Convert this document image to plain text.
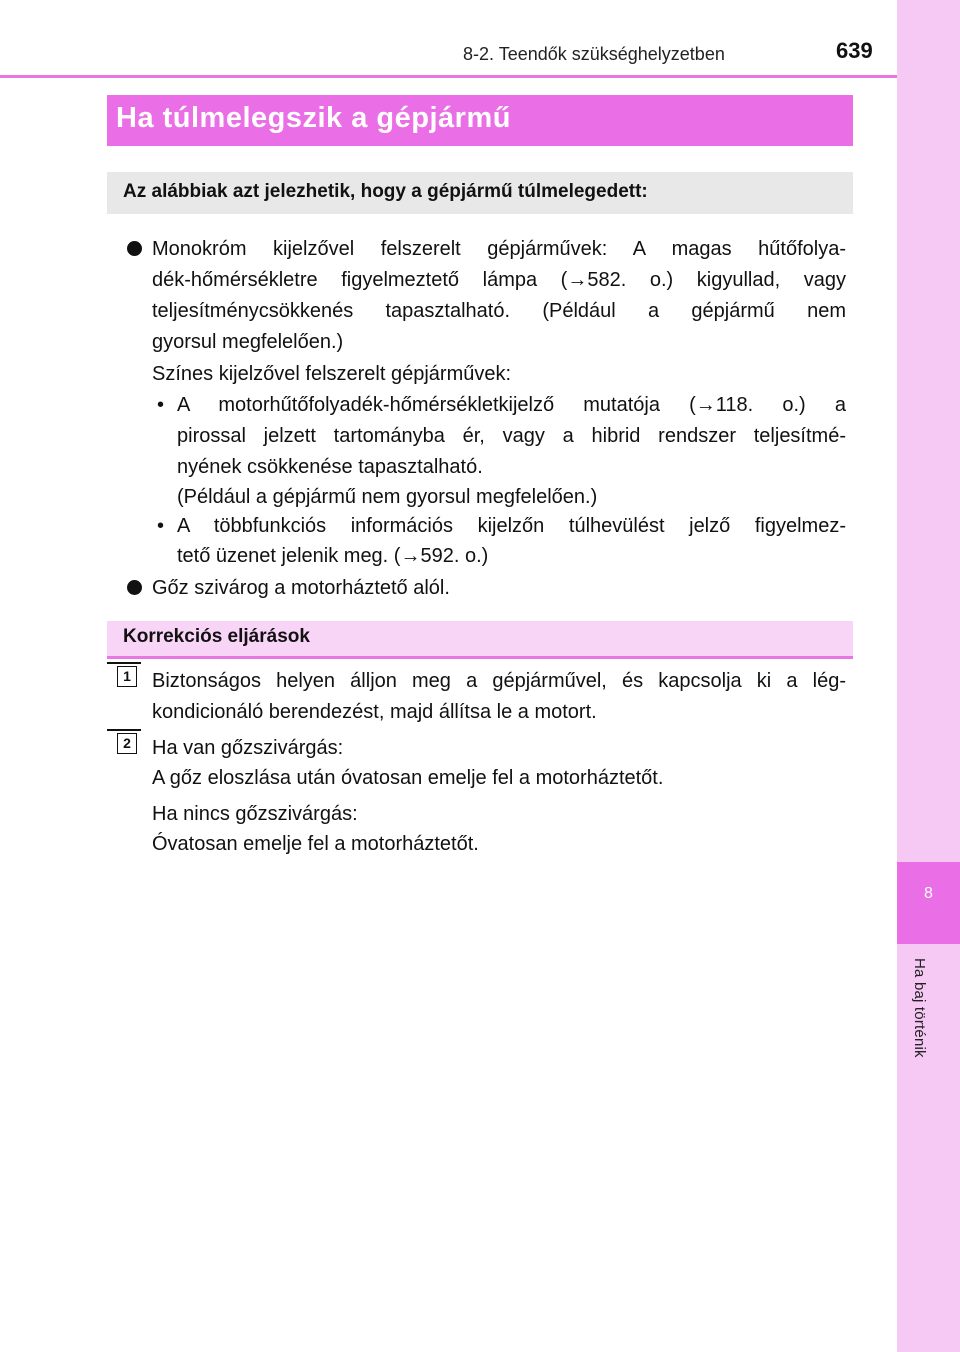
8
Ha baj történik
8-2. Teendők szükséghelyzetben	639
Ha túlmelegszik a gépjármű
Az alábbiak azt jelezhetik, hogy a gépjármű túlmelegedett:
Monokróm kijelzővel felszerelt gépjárművek: A magas hűtőfolya-
dék-hőmérsékletre figyelmeztető lámpa (→582. o.) kigyullad, vagy
teljesítménycsökkenés tapasztalható. (Például a gépjármű nem
gyorsul megfelelően.)
Színes kijelzővel felszerelt gépjárművek:
• A motorhűtőfolyadék-hőmérsékletkijelző mutatója (→118. o.) a
pirossal jelzett tartományba ér, vagy a hibrid rendszer teljesítmé-
nyének csökkenése tapasztalható.
(Például a gépjármű nem gyorsul megfelelően.)
• A többfunkciós információs kijelzőn túlhevülést jelző figyelmez-
tető üzenet jelenik meg. (→592. o.)
Gőz szivárog a motorháztető alól.
Korrekciós eljárások
1	Biztonságos helyen álljon meg a gépjárművel, és kapcsolja ki a lég-
kondicionáló berendezést, majd állítsa le a motort.
2	Ha van gőzszivárgás:
A gőz eloszlása után óvatosan emelje fel a motorháztetőt.
Ha nincs gőzszivárgás:
Óvatosan emelje fel a motorháztetőt.
